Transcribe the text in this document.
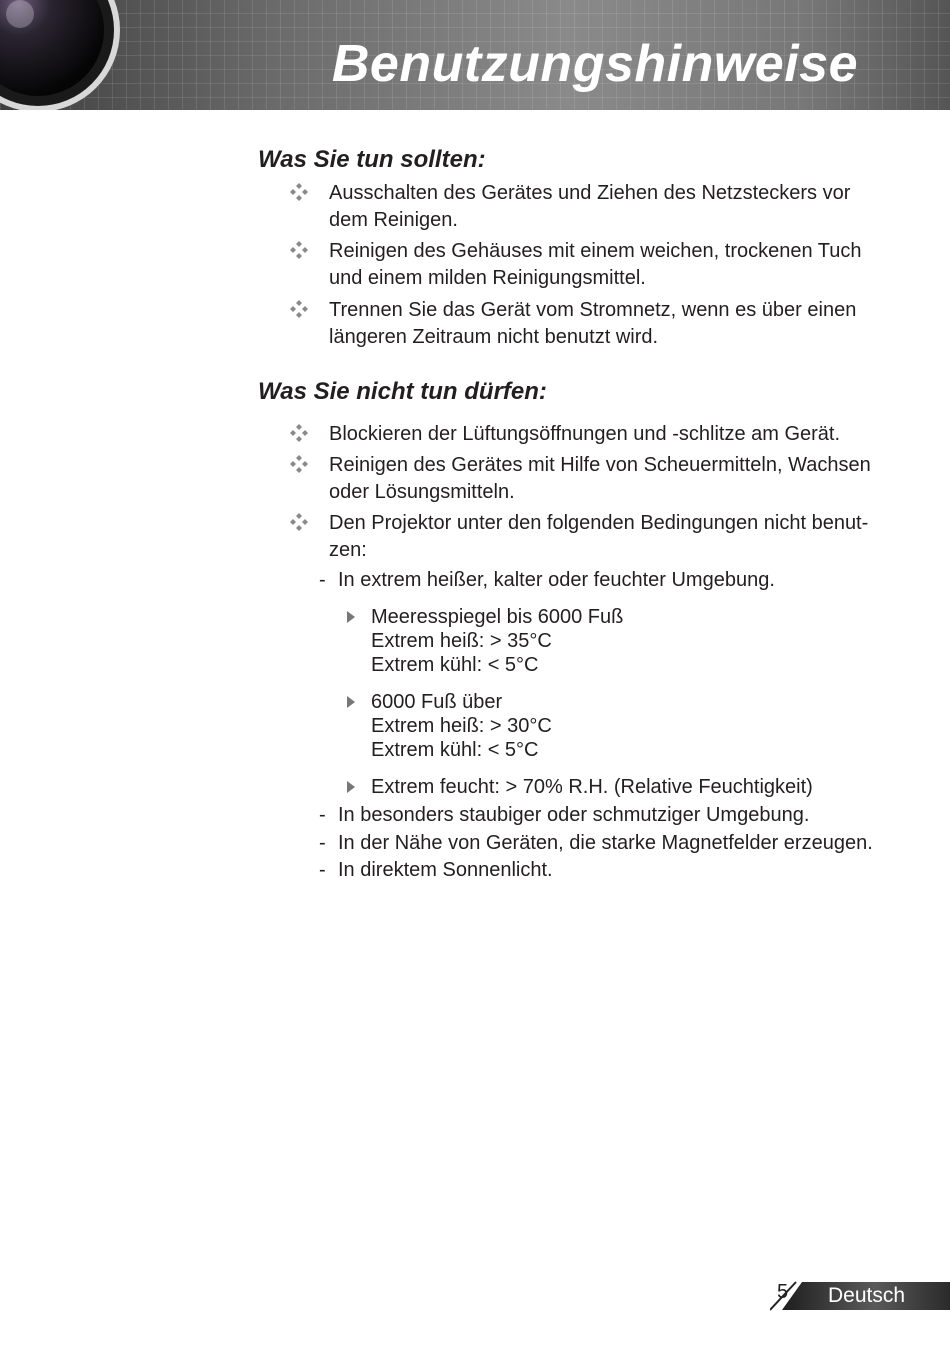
Benutzungshinweise
Was Sie tun sollten:
Ausschalten des Gerätes und Ziehen des Netzsteckers vor
dem Reinigen.
Reinigen des Gehäuses mit einem weichen, trockenen Tuch
und einem milden Reinigungsmittel.
Trennen Sie das Gerät vom Stromnetz, wenn es über einen
längeren Zeitraum nicht benutzt wird.
Was Sie nicht tun dürfen:
Blockieren der Lüftungsöffnungen und -schlitze am Gerät.
Reinigen des Gerätes mit Hilfe von Scheuermitteln, Wachsen
oder Lösungsmitteln.
Den Projektor unter den folgenden Bedingungen nicht benut-
zen:
- In extrem heißer, kalter oder feuchter Umgebung.
Meeresspiegel bis 6000 Fuß
Extrem heiß: > 35°C
Extrem kühl: < 5°C
6000 Fuß über
Extrem heiß: > 30°C
Extrem kühl: < 5°C
Extrem feucht: > 70% R.H. (Relative Feuchtigkeit)
- In besonders staubiger oder schmutziger Umgebung.
- In der Nähe von Geräten, die starke Magnetfelder erzeugen.
- In direktem Sonnenlicht.
5 Deutsch
